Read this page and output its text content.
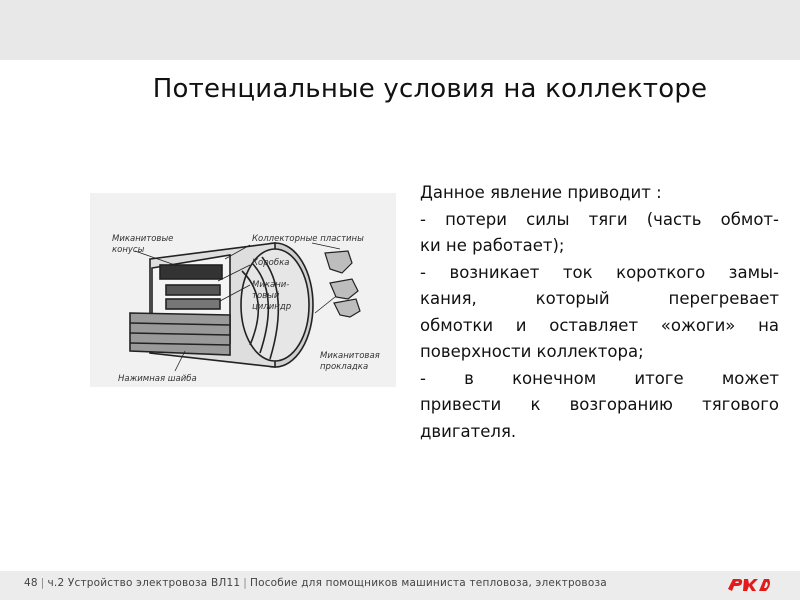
Потенциальные условия на коллекторе
Миканитовые
конусы
Коллекторные пластины
Коробка
Микани-
товый
цилиндр
Миканитовая
прокладка
Нажимная шайба

Данное явление приводит :

- потери силы тяги (часть обмот-

ки не работает);

- возникает ток короткого замы-

кания, который перегревает

обмотки и оставляет «ожоги» на

поверхности коллектора;

- в конечном итоге может

привести к возгоранию тягового

двигателя.

48 | ч.2 Устройство электровоза ВЛ11 | Пособие для помощников машиниста тепловоза, электровоза
